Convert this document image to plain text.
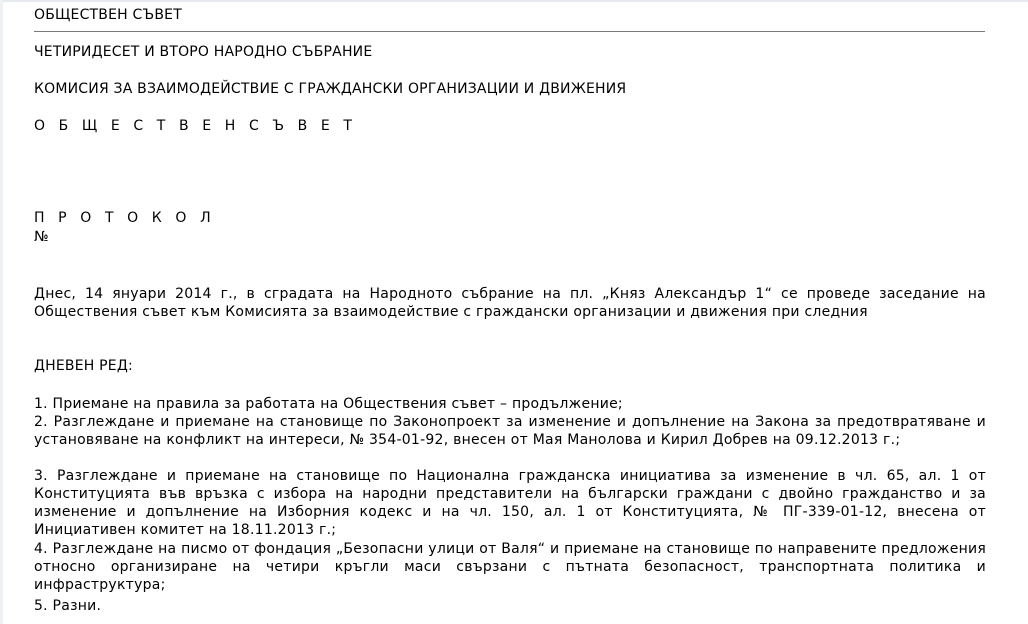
ОБЩЕСТВЕН СЪВЕТ
ЧЕТИРИДЕСЕТ И ВТОРО НАРОДНО СЪБРАНИЕ
КОМИСИЯ ЗА ВЗАИМОДЕЙСТВИЕ С ГРАЖДАНСКИ ОРГАНИЗАЦИИ И ДВИЖЕНИЯ
О Б Щ Е С Т В Е Н С Ъ В Е Т
П Р О Т О К О Л
№
Днес, 14 януари 2014 г., в сградата на Народното събрание на пл. „Княз Александър 1“ се проведе заседание на Обществения съвет към Комисията за взаимодействие с граждански организации и движения при следния
ДНЕВЕН РЕД:
1. Приемане на правила за работата на Обществения съвет – продължение;
2. Разглеждане и приемане на становище по Законопроект за изменение и допълнение на Закона за предотвратяване и установяване на конфликт на интереси, № 354-01-92, внесен от Мая Манолова и Кирил Добрев на 09.12.2013 г.;
3. Разглеждане и приемане на становище по Национална гражданска инициатива за изменение в чл. 65, ал. 1 от Конституцията във връзка с избора на народни представители на български граждани с двойно гражданство и за изменение и допълнение на Изборния кодекс и на чл. 150, ал. 1 от Конституцията, № ПГ-339-01-12, внесена от Инициативен комитет на 18.11.2013 г.;
4. Разглеждане на писмо от фондация „Безопасни улици от Валя“ и приемане на становище по направените предложения относно организиране на четири кръгли маси свързани с пътната безопасност, транспортната политика и инфраструктура;
5. Разни.
